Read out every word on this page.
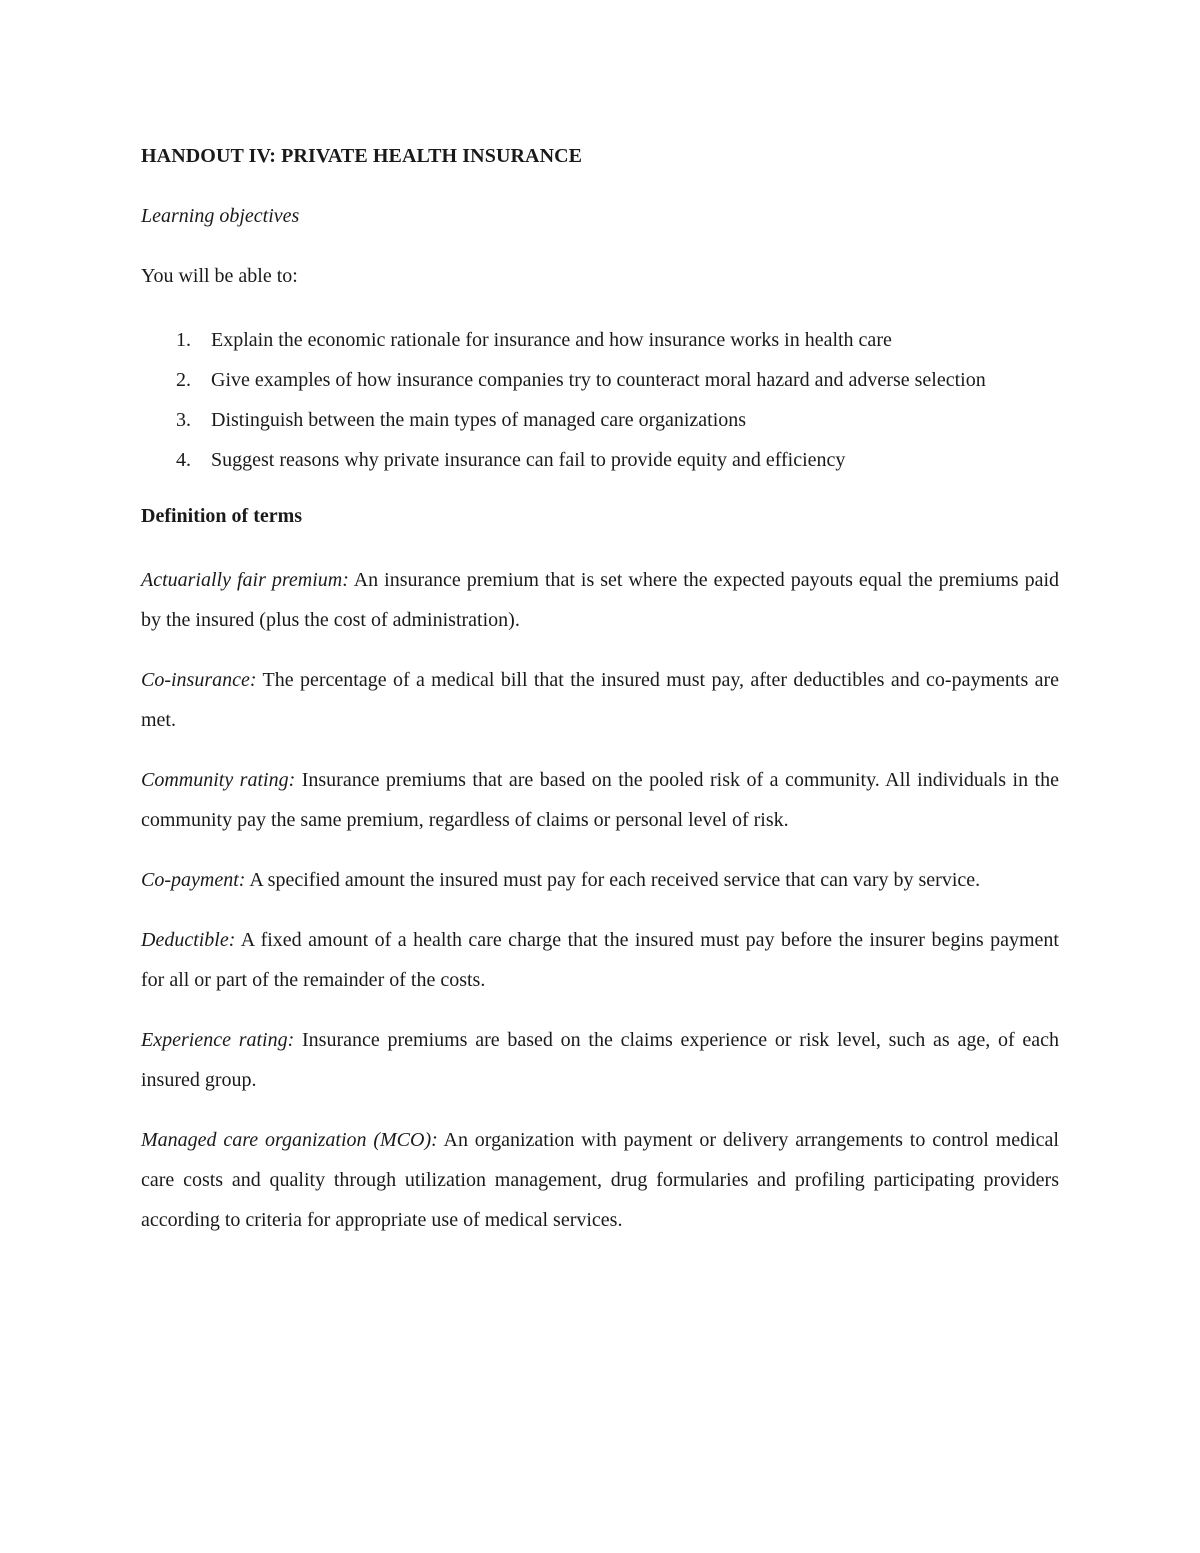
HANDOUT IV: PRIVATE HEALTH INSURANCE
Learning objectives
You will be able to:
1. Explain the economic rationale for insurance and how insurance works in health care
2. Give examples of how insurance companies try to counteract moral hazard and adverse selection
3. Distinguish between the main types of managed care organizations
4. Suggest reasons why private insurance can fail to provide equity and efficiency
Definition of terms

Actuarially fair premium: An insurance premium that is set where the expected payouts equal the premiums paid by the insured (plus the cost of administration).

Co-insurance: The percentage of a medical bill that the insured must pay, after deductibles and co-payments are met.

Community rating: Insurance premiums that are based on the pooled risk of a community. All individuals in the community pay the same premium, regardless of claims or personal level of risk.

Co-payment: A specified amount the insured must pay for each received service that can vary by service.

Deductible: A fixed amount of a health care charge that the insured must pay before the insurer begins payment for all or part of the remainder of the costs.

Experience rating: Insurance premiums are based on the claims experience or risk level, such as age, of each insured group.

Managed care organization (MCO): An organization with payment or delivery arrangements to control medical care costs and quality through utilization management, drug formularies and profiling participating providers according to criteria for appropriate use of medical services.
